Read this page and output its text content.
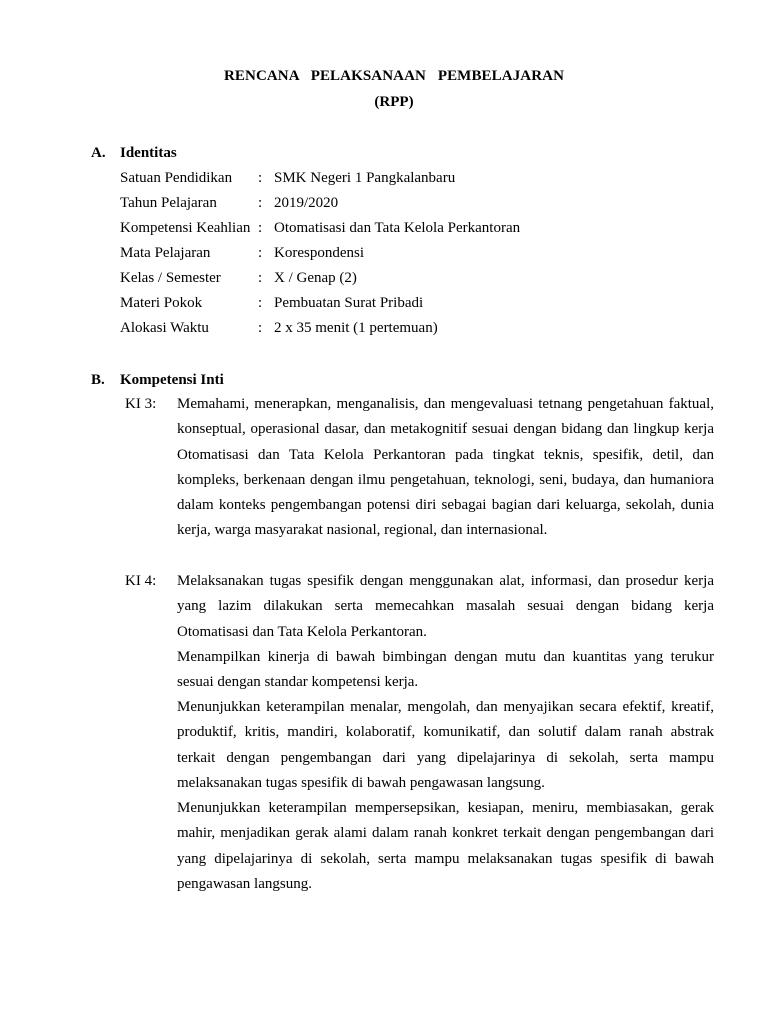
RENCANA PELAKSANAAN PEMBELAJARAN
(RPP)
A. Identitas
Satuan Pendidikan : SMK Negeri 1 Pangkalanbaru
Tahun Pelajaran	: 2019/2020
Kompetensi Keahlian : Otomatisasi dan Tata Kelola Perkantoran
Mata Pelajaran	: Korespondensi
Kelas / Semester : X / Genap (2)
Materi Pokok	: Pembuatan Surat Pribadi
Alokasi Waktu	: 2 x 35 menit (1 pertemuan)
B. Kompetensi Inti
KI 3: Memahami, menerapkan, menganalisis, dan mengevaluasi tetnang pengetahuan faktual, konseptual, operasional dasar, dan metakognitif sesuai dengan bidang dan lingkup kerja Otomatisasi dan Tata Kelola Perkantoran pada tingkat teknis, spesifik, detil, dan kompleks, berkenaan dengan ilmu pengetahuan, teknologi, seni, budaya, dan humaniora dalam konteks pengembangan potensi diri sebagai bagian dari keluarga, sekolah, dunia kerja, warga masyarakat nasional, regional, dan internasional.
KI 4: Melaksanakan tugas spesifik dengan menggunakan alat, informasi, dan prosedur kerja yang lazim dilakukan serta memecahkan masalah sesuai dengan bidang kerja Otomatisasi dan Tata Kelola Perkantoran.
Menampilkan kinerja di bawah bimbingan dengan mutu dan kuantitas yang terukur sesuai dengan standar kompetensi kerja.
Menunjukkan keterampilan menalar, mengolah, dan menyajikan secara efektif, kreatif, produktif, kritis, mandiri, kolaboratif, komunikatif, dan solutif dalam ranah abstrak terkait dengan pengembangan dari yang dipelajarinya di sekolah, serta mampu melaksanakan tugas spesifik di bawah pengawasan langsung.
Menunjukkan keterampilan mempersepsikan, kesiapan, meniru, membiasakan, gerak mahir, menjadikan gerak alami dalam ranah konkret terkait dengan pengembangan dari yang dipelajarinya di sekolah, serta mampu melaksanakan tugas spesifik di bawah pengawasan langsung.
